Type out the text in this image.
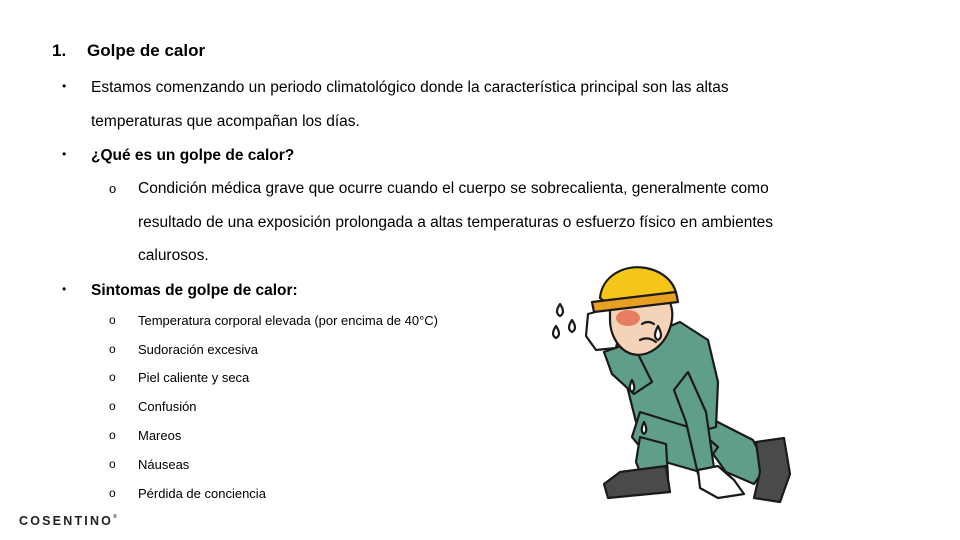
1. Golpe de calor
• Estamos comenzando un periodo climatológico donde la característica principal son las altas
temperaturas que acompañan los días.
• ¿Qué es un golpe de calor?
o Condición médica grave que ocurre cuando el cuerpo se sobrecalienta, generalmente como
resultado de una exposición prolongada a altas temperaturas o esfuerzo físico en ambientes
calurosos.
• Sintomas de golpe de calor:
o Temperatura corporal elevada (por encima de 40°C)
o Sudoración excesiva
o Piel caliente y seca
o Confusión
o Mareos
o Náuseas
o Pérdida de conciencia
COSENTINO®
